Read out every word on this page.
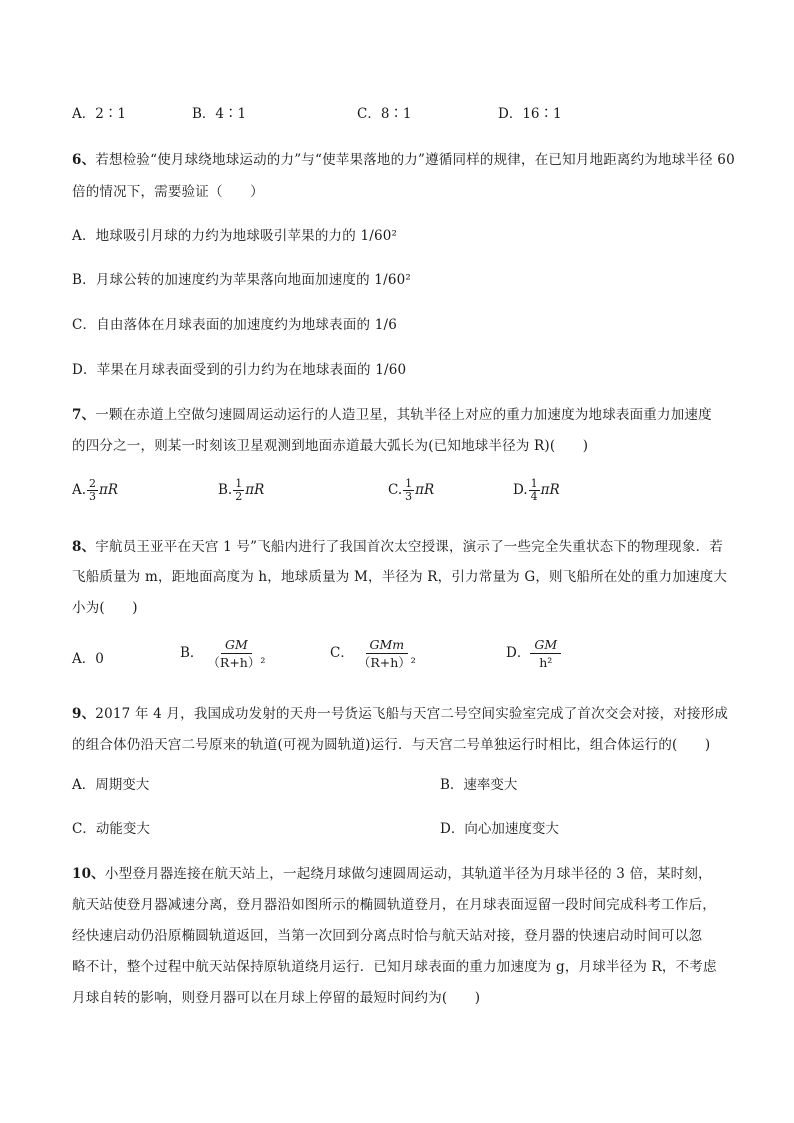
A．2∶1	B．4∶1	C．8∶1	D．16∶1
6、若想检验“使月球绕地球运动的力”与“使苹果落地的力”遵循同样的规律，在已知月地距离约为地球半径 60
倍的情况下，需要验证（　　）
A．地球吸引月球的力约为地球吸引苹果的力的 1/60²
B．月球公转的加速度约为苹果落向地面加速度的 1/60²
C．自由落体在月球表面的加速度约为地球表面的 1/6
D．苹果在月球表面受到的引力约为在地球表面的 1/60
7、一颗在赤道上空做匀速圆周运动运行的人造卫星，其轨半径上对应的重力加速度为地球表面重力加速度
的四分之一，则某一时刻该卫星观测到地面赤道最大弧长为(已知地球半径为 R)(　　)
A. $\frac{2}{3}$ πR	B. $\frac{1}{2}$ πR	C. $\frac{1}{3}$ πR	D. $\frac{1}{4}$ πR
8、宇航员王亚平在天宫 1 号”飞船内进行了我国首次太空授课，演示了一些完全失重状态下的物理现象．若
飞船质量为 m，距地面高度为 h，地球质量为 M，半径为 R，引力常量为 G，则飞船所在处的重力加速度大
小为(　　)
A．0	B． $\frac{GM}{\text{（R+h）²}}$	C． $\frac{\text{GMm}}{\text{（R+h）²}}$	D． $\frac{GM}{\text{h²}}$
9、2017 年 4 月，我国成功发射的天舟一号货运飞船与天宫二号空间实验室完成了首次交会对接，对接形成
的组合体仍沿天宫二号原来的轨道(可视为圆轨道)运行．与天宫二号单独运行时相比，组合体运行的(　　)
A．周期变大	B．速率变大
C．动能变大	D．向心加速度变大
10、小型登月器连接在航天站上，一起绕月球做匀速圆周运动，其轨道半径为月球半径的 3 倍，某时刻，
航天站使登月器减速分离，登月器沿如图所示的椭圆轨道登月，在月球表面逗留一段时间完成科考工作后，
经快速启动仍沿原椭圆轨道返回，当第一次回到分离点时恰与航天站对接，登月器的快速启动时间可以忽
略不计，整个过程中航天站保持原轨道绕月运行．已知月球表面的重力加速度为 g，月球半径为 R，不考虑
月球自转的影响，则登月器可以在月球上停留的最短时间约为(　　)
